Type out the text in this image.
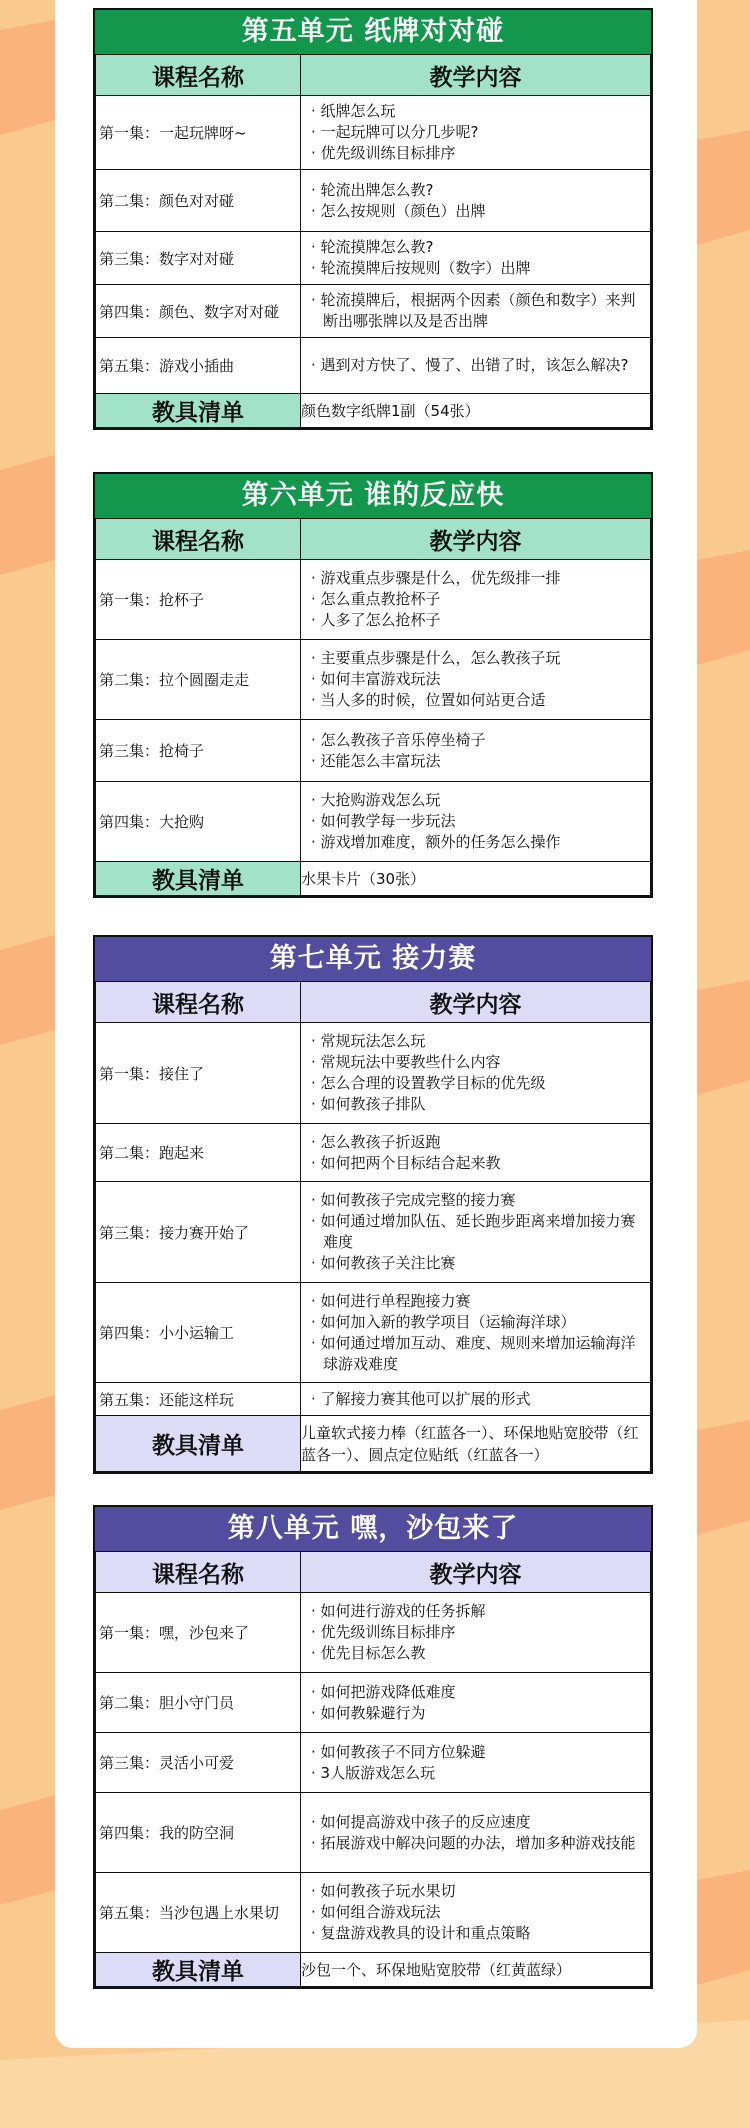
第五单元 纸牌对对碰
课程名称	教学内容
第一集：一起玩牌呀~	· 纸牌怎么玩
· 一起玩牌可以分几步呢?
· 优先级训练目标排序

第二集：颜色对对碰	· 轮流出牌怎么教?
· 怎么按规则（颜色）出牌

第三集：数字对对碰	· 轮流摸牌怎么教?
· 轮流摸牌后按规则（数字）出牌

第四集：颜色、数字对对碰	· 轮流摸牌后，根据两个因素（颜色和数字）来判断出哪张牌以及是否出牌

第五集：游戏小插曲	· 遇到对方快了、慢了、出错了时，该怎么解决?

教具清单	颜色数字纸牌1副（54张）
第六单元 谁的反应快
课程名称	教学内容
第一集：抢杯子	· 游戏重点步骤是什么，优先级排一排
· 怎么重点教抢杯子
· 人多了怎么抢杯子

第二集：拉个圆圈走走	· 主要重点步骤是什么，怎么教孩子玩
· 如何丰富游戏玩法
· 当人多的时候，位置如何站更合适

第三集：抢椅子	· 怎么教孩子音乐停坐椅子
· 还能怎么丰富玩法

第四集：大抢购	· 大抢购游戏怎么玩
· 如何教学每一步玩法
· 游戏增加难度，额外的任务怎么操作

教具清单	水果卡片（30张）
第七单元 接力赛
课程名称	教学内容
第一集：接住了	· 常规玩法怎么玩
· 常规玩法中要教些什么内容
· 怎么合理的设置教学目标的优先级
· 如何教孩子排队

第二集：跑起来	· 怎么教孩子折返跑
· 如何把两个目标结合起来教

第三集：接力赛开始了	· 如何教孩子完成完整的接力赛
· 如何通过增加队伍、延长跑步距离来增加接力赛难度
· 如何教孩子关注比赛

第四集：小小运输工	· 如何进行单程跑接力赛
· 如何加入新的教学项目（运输海洋球）
· 如何通过增加互动、难度、规则来增加运输海洋球游戏难度

第五集：还能这样玩	· 了解接力赛其他可以扩展的形式

教具清单	儿童软式接力棒（红蓝各一）、环保地贴宽胶带（红蓝各一）、圆点定位贴纸（红蓝各一）
第八单元 嘿，沙包来了
课程名称	教学内容
第一集：嘿，沙包来了	· 如何进行游戏的任务拆解
· 优先级训练目标排序
· 优先目标怎么教

第二集：胆小守门员	· 如何把游戏降低难度
· 如何教躲避行为

第三集：灵活小可爱	· 如何教孩子不同方位躲避
· 3人版游戏怎么玩

第四集：我的防空洞	· 如何提高游戏中孩子的反应速度
· 拓展游戏中解决问题的办法，增加多种游戏技能

第五集：当沙包遇上水果切	· 如何教孩子玩水果切
· 如何组合游戏玩法
· 复盘游戏教具的设计和重点策略

教具清单	沙包一个、环保地贴宽胶带（红黄蓝绿）
